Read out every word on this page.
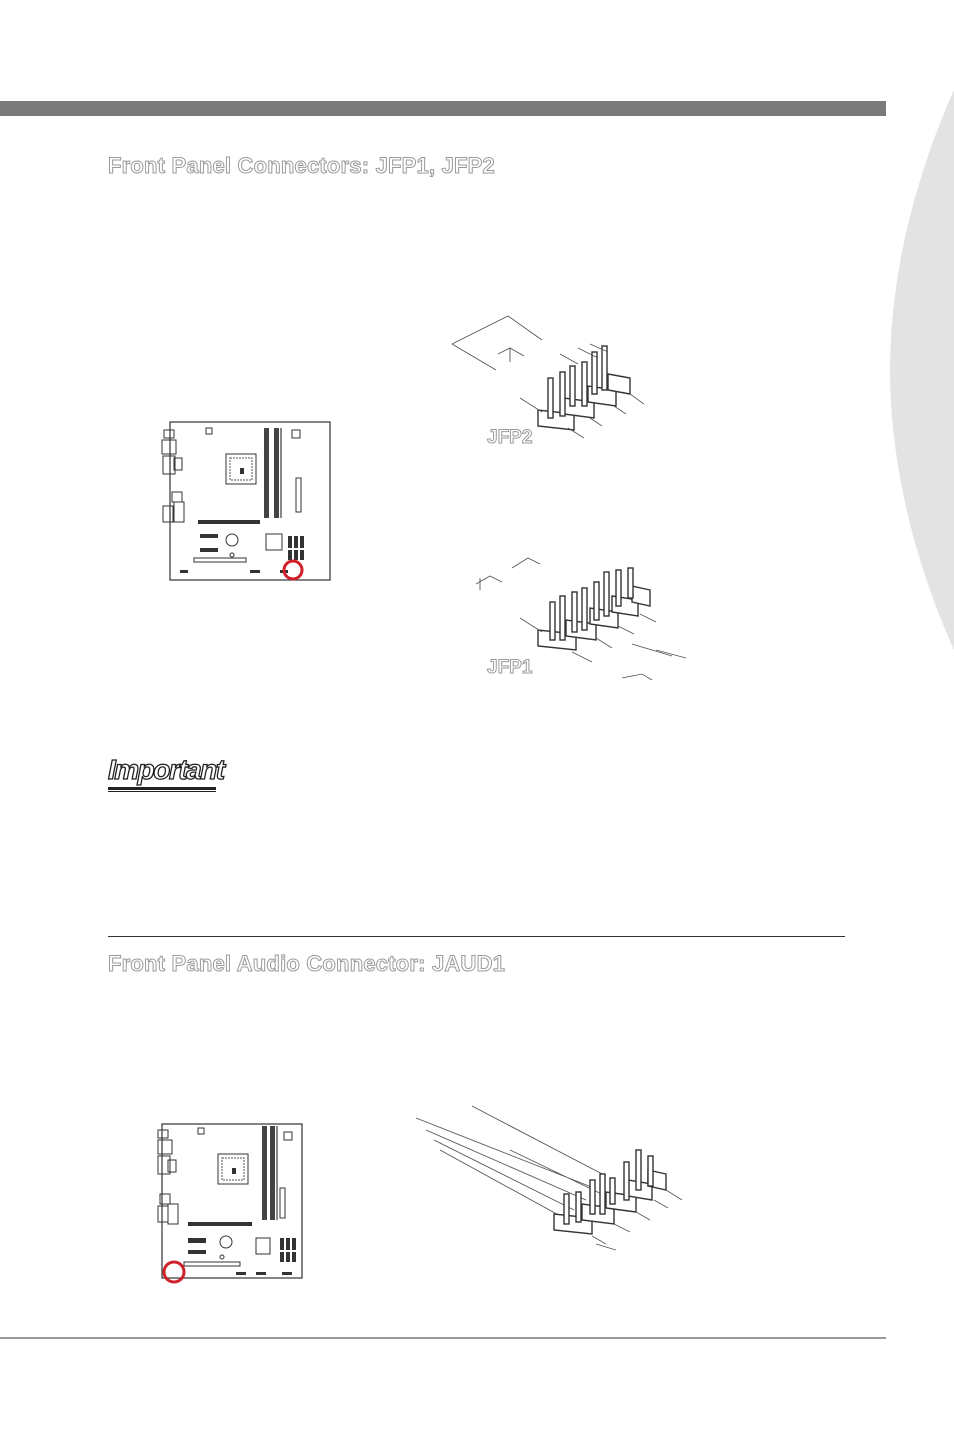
Front Panel Connectors: JFP1, JFP2
JFP2
JFP1
Important
Front Panel Audio Connector: JAUD1
